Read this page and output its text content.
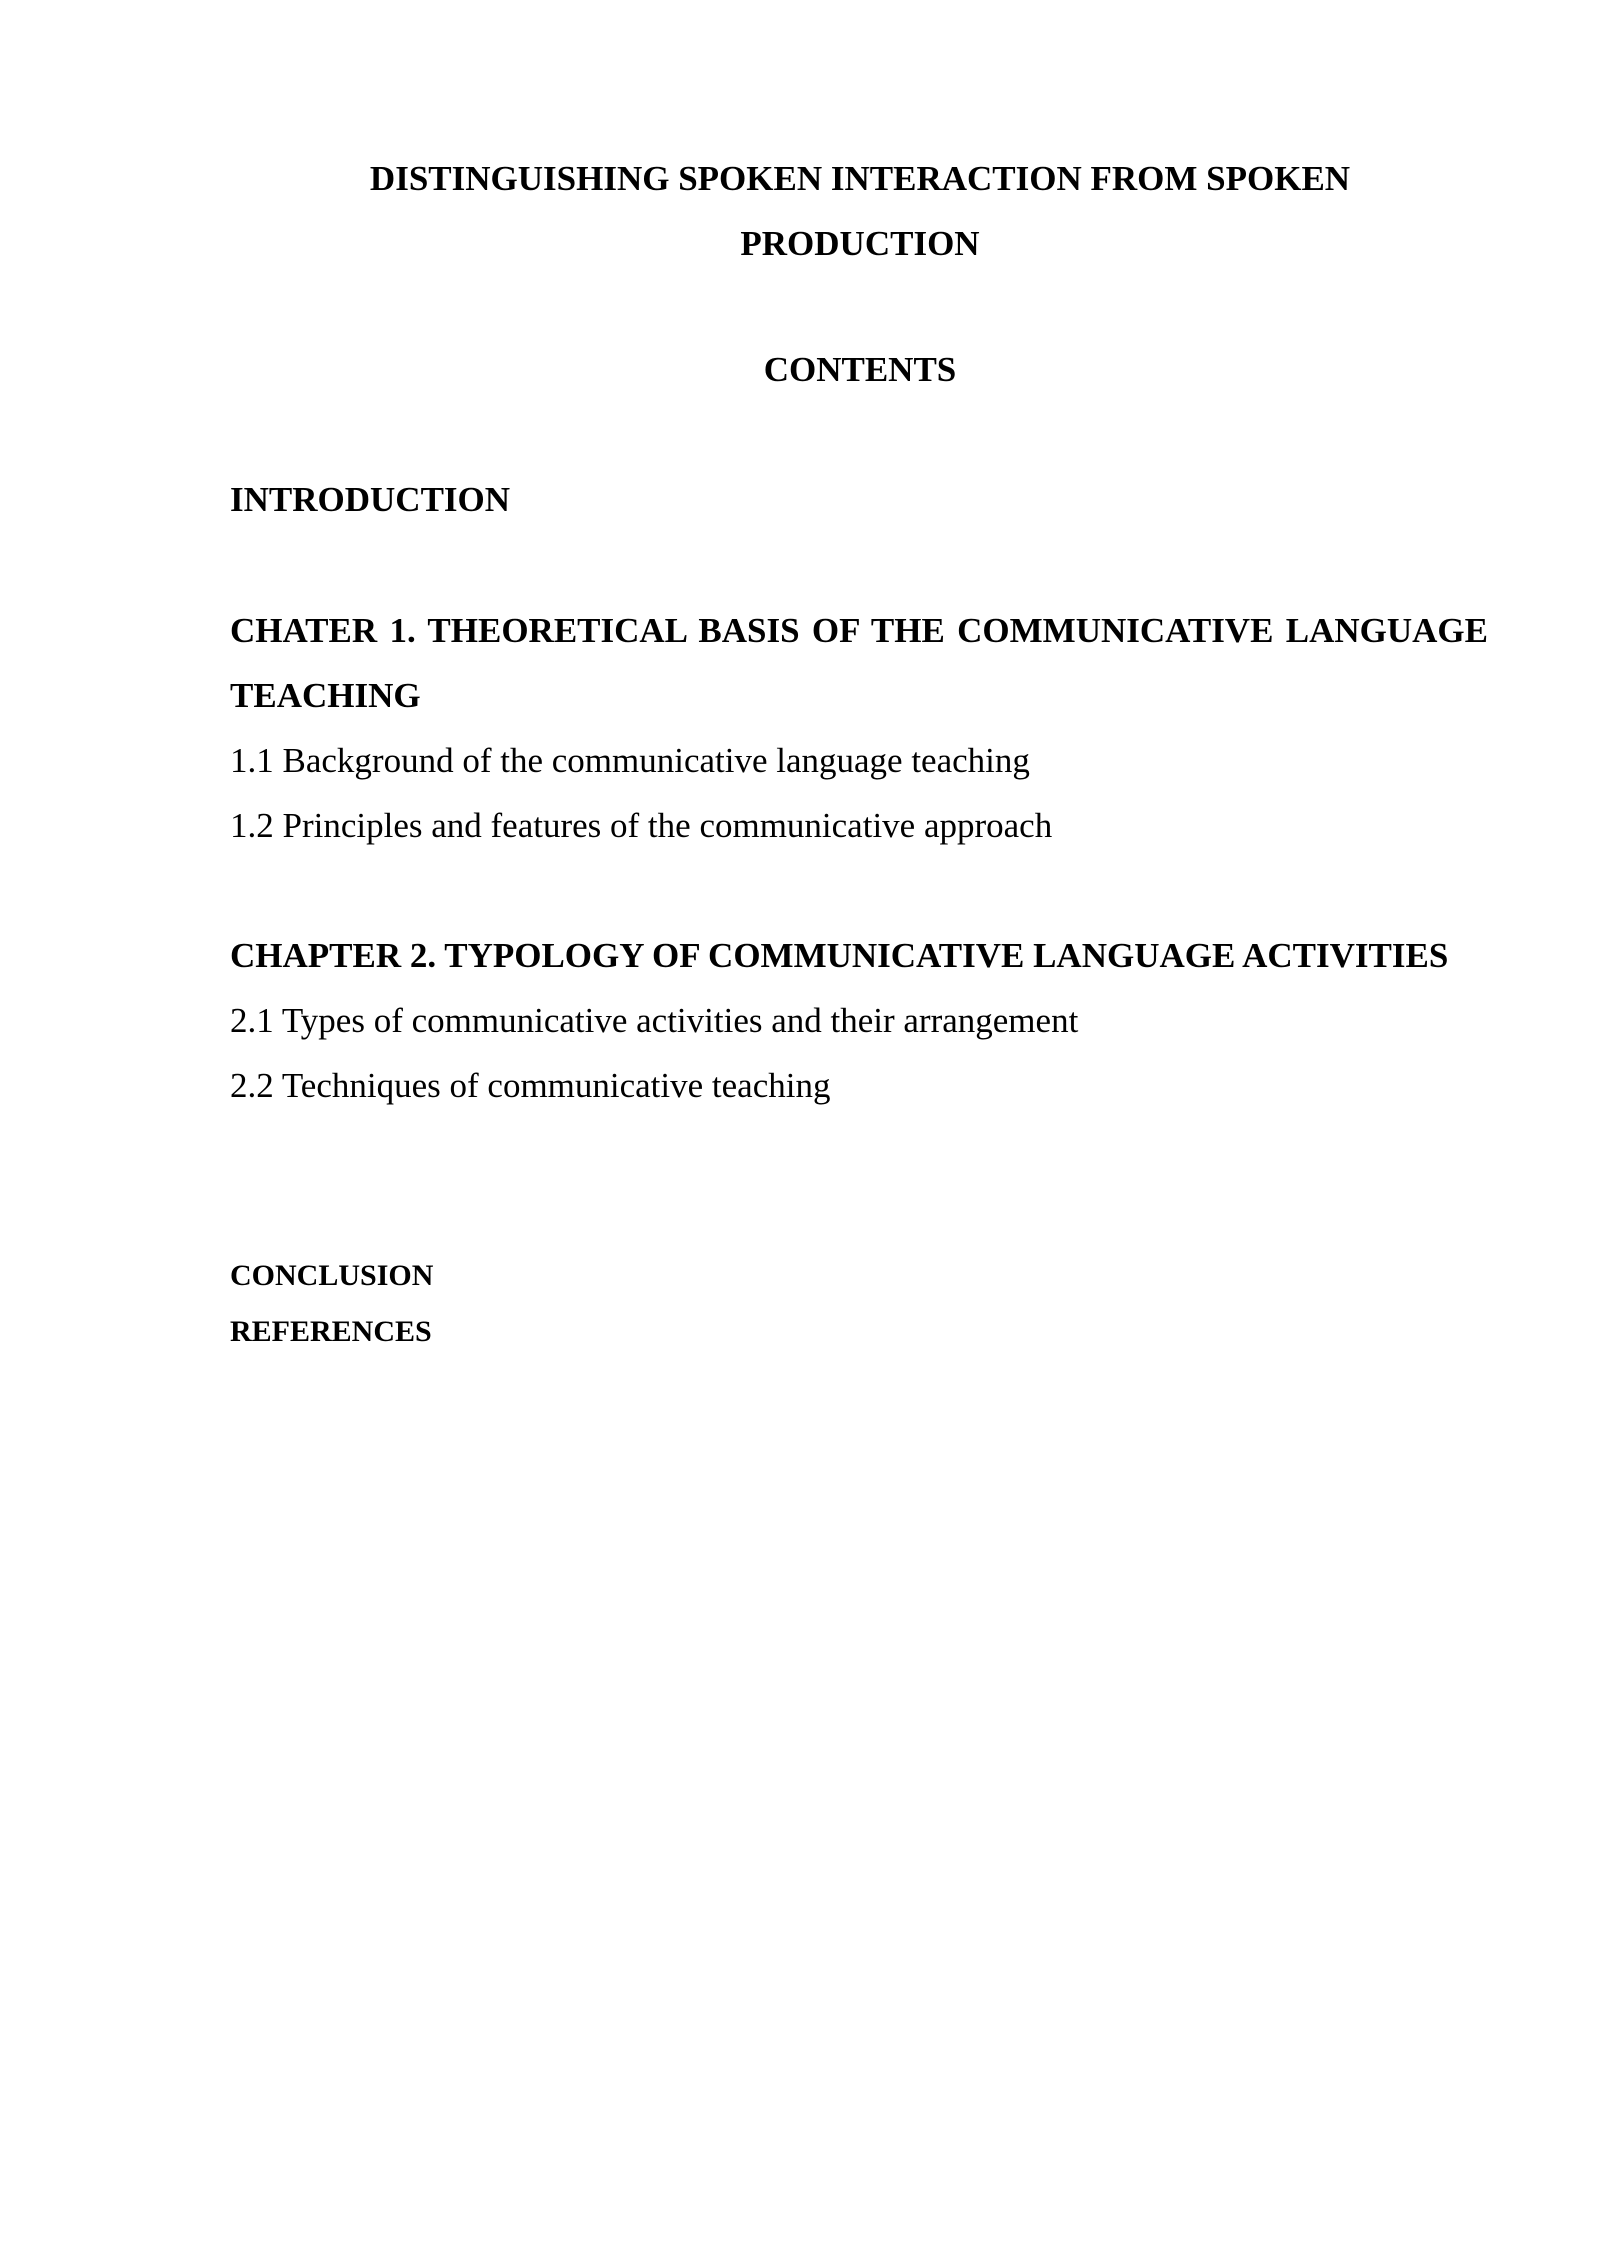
DISTINGUISHING SPOKEN INTERACTION FROM SPOKEN PRODUCTION
CONTENTS
INTRODUCTION
CHATER 1. THEORETICAL BASIS OF THE COMMUNICATIVE LANGUAGE TEACHING
1.1 Background of the communicative language teaching
1.2 Principles and features of the communicative approach
CHAPTER 2. TYPOLOGY OF COMMUNICATIVE LANGUAGE ACTIVITIES
2.1 Types of communicative activities and their arrangement
2.2 Techniques of communicative teaching
CONCLUSION
REFERENCES
